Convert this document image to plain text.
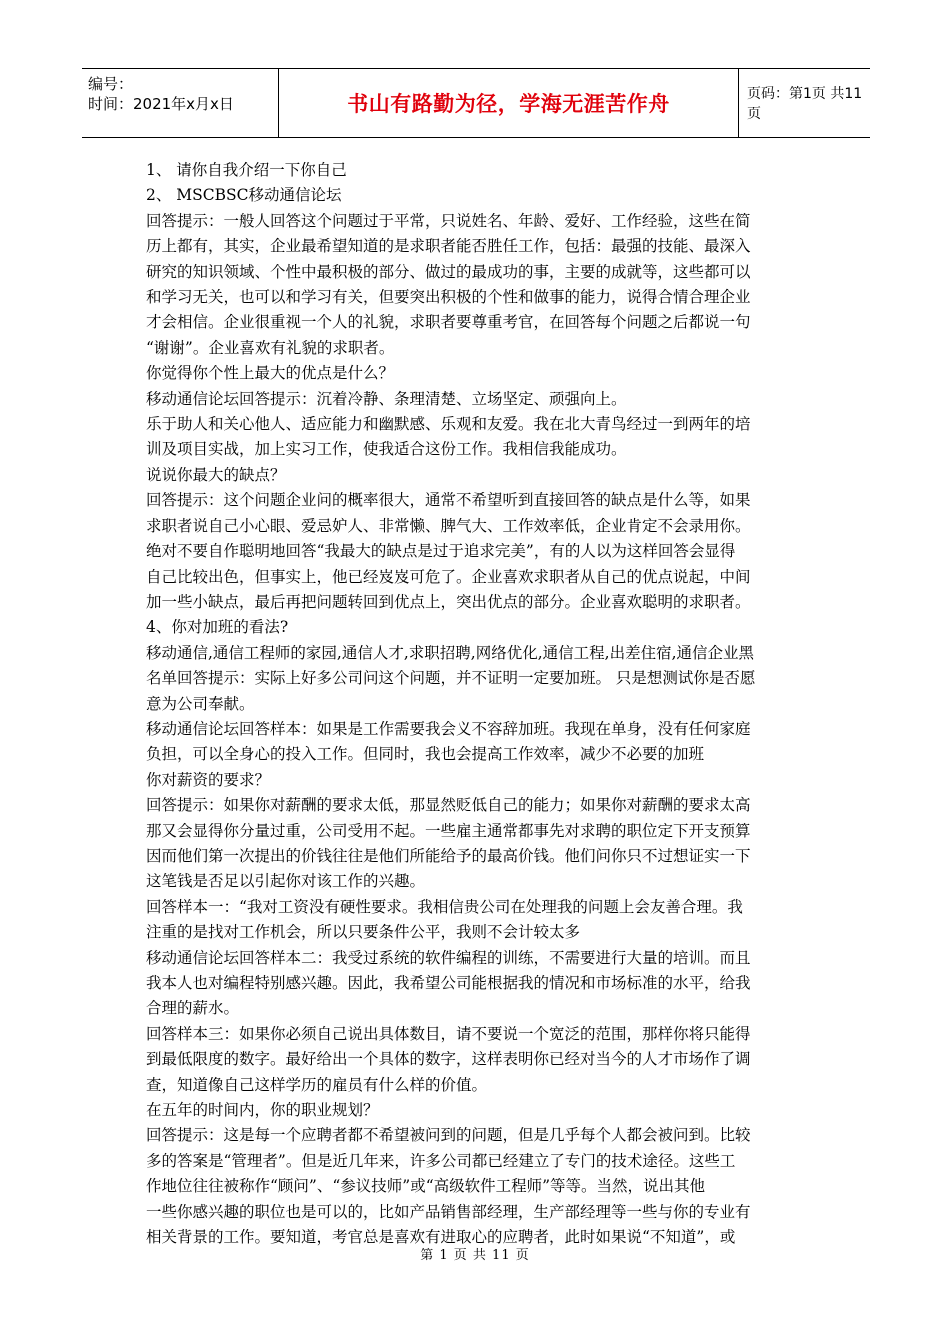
编号：
时间：2021年x月x日	书山有路勤为径，学海无涯苦作舟	页码：第1页 共11页

1、 请你自我介绍一下你自己

2、 MSCBSC移动通信论坛

回答提示：一般人回答这个问题过于平常，只说姓名、年龄、爱好、工作经验，这些在简

历上都有，其实，企业最希望知道的是求职者能否胜任工作，包括：最强的技能、最深入

研究的知识领域、个性中最积极的部分、做过的最成功的事，主要的成就等，这些都可以

和学习无关，也可以和学习有关，但要突出积极的个性和做事的能力，说得合情合理企业

才会相信。企业很重视一个人的礼貌，求职者要尊重考官，在回答每个问题之后都说一句

“谢谢”。企业喜欢有礼貌的求职者。

你觉得你个性上最大的优点是什么？

移动通信论坛回答提示：沉着冷静、条理清楚、立场坚定、顽强向上。

乐于助人和关心他人、适应能力和幽默感、乐观和友爱。我在北大青鸟经过一到两年的培

训及项目实战，加上实习工作，使我适合这份工作。我相信我能成功。

说说你最大的缺点？

回答提示：这个问题企业问的概率很大，通常不希望听到直接回答的缺点是什么等，如果

求职者说自己小心眼、爱忌妒人、非常懒、脾气大、工作效率低，企业肯定不会录用你。

绝对不要自作聪明地回答“我最大的缺点是过于追求完美”，有的人以为这样回答会显得

自己比较出色，但事实上，他已经岌岌可危了。企业喜欢求职者从自己的优点说起，中间

加一些小缺点，最后再把问题转回到优点上，突出优点的部分。企业喜欢聪明的求职者。

4、你对加班的看法?

移动通信,通信工程师的家园,通信人才,求职招聘,网络优化,通信工程,出差住宿,通信企业黑

名单回答提示：实际上好多公司问这个问题，并不证明一定要加班。 只是想测试你是否愿

意为公司奉献。

移动通信论坛回答样本：如果是工作需要我会义不容辞加班。我现在单身，没有任何家庭

负担，可以全身心的投入工作。但同时，我也会提高工作效率，减少不必要的加班

你对薪资的要求？

回答提示：如果你对薪酬的要求太低，那显然贬低自己的能力；如果你对薪酬的要求太高

那又会显得你分量过重，公司受用不起。一些雇主通常都事先对求聘的职位定下开支预算

因而他们第一次提出的价钱往往是他们所能给予的最高价钱。他们问你只不过想证实一下

这笔钱是否足以引起你对该工作的兴趣。

回答样本一：“我对工资没有硬性要求。我相信贵公司在处理我的问题上会友善合理。我

注重的是找对工作机会，所以只要条件公平，我则不会计较太多

移动通信论坛回答样本二：我受过系统的软件编程的训练，不需要进行大量的培训。而且

我本人也对编程特别感兴趣。因此，我希望公司能根据我的情况和市场标准的水平，给我

合理的薪水。

回答样本三：如果你必须自己说出具体数目，请不要说一个宽泛的范围，那样你将只能得

到最低限度的数字。最好给出一个具体的数字，这样表明你已经对当今的人才市场作了调

查，知道像自己这样学历的雇员有什么样的价值。

在五年的时间内，你的职业规划？

回答提示：这是每一个应聘者都不希望被问到的问题，但是几乎每个人都会被问到。比较

多的答案是“管理者”。但是近几年来，许多公司都已经建立了专门的技术途径。这些工

作地位往往被称作“顾问”、“参议技师”或“高级软件工程师”等等。当然，说出其他

一些你感兴趣的职位也是可以的，比如产品销售部经理，生产部经理等一些与你的专业有

相关背景的工作。要知道，考官总是喜欢有进取心的应聘者，此时如果说“不知道”，或

第 1 页 共 11 页
